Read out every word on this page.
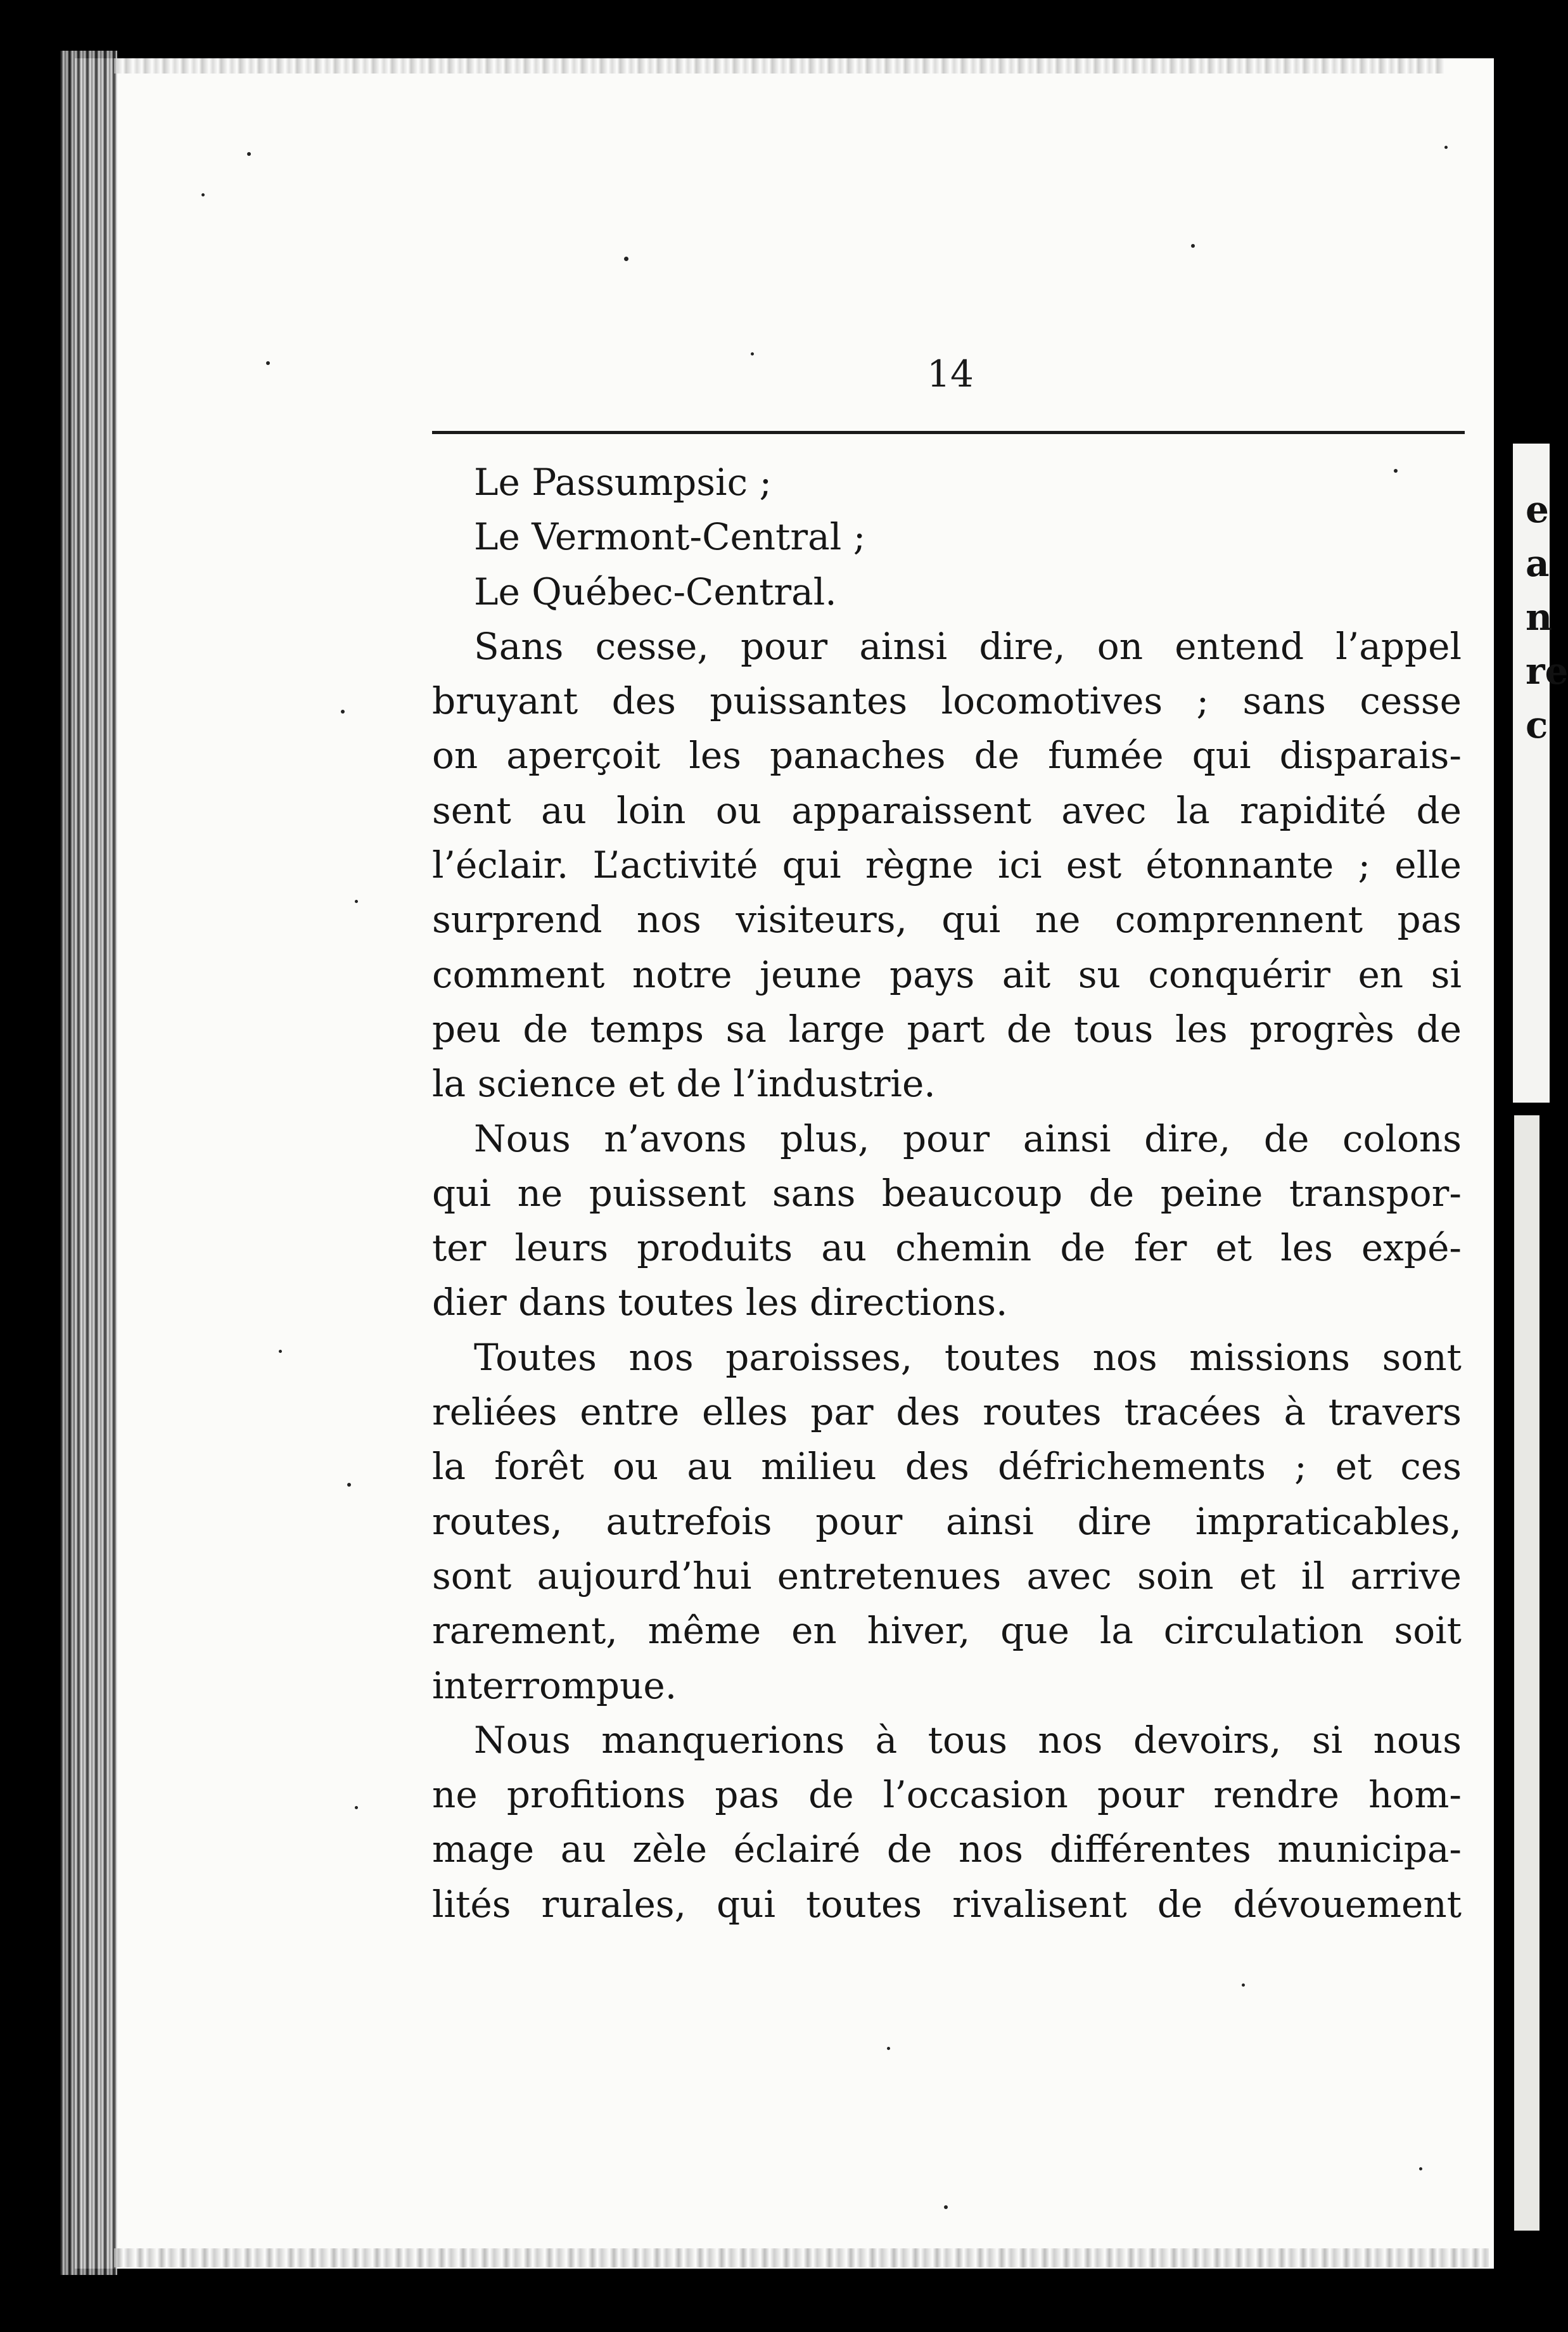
e
a
n
re
c
14
Le Passumpsic ;
Le Vermont-Central ;
Le Québec-Central.
Sans cesse, pour ainsi dire, on entend l’appel
bruyant des puissantes locomotives ; sans cesse
on aperçoit les panaches de fumée qui disparais-
sent au loin ou apparaissent avec la rapidité de
l’éclair. L’activité qui règne ici est étonnante ; elle
surprend nos visiteurs, qui ne comprennent pas
comment notre jeune pays ait su conquérir en si
peu de temps sa large part de tous les progrès de
la science et de l’industrie.
Nous n’avons plus, pour ainsi dire, de colons
qui ne puissent sans beaucoup de peine transpor-
ter leurs produits au chemin de fer et les expé-
dier dans toutes les directions.
Toutes nos paroisses, toutes nos missions sont
reliées entre elles par des routes tracées à travers
la forêt ou au milieu des défrichements ; et ces
routes, autrefois pour ainsi dire impraticables,
sont aujourd’hui entretenues avec soin et il arrive
rarement, même en hiver, que la circulation soit
interrompue.
Nous manquerions à tous nos devoirs, si nous
ne profitions pas de l’occasion pour rendre hom-
mage au zèle éclairé de nos différentes municipa-
lités rurales, qui toutes rivalisent de dévouement
